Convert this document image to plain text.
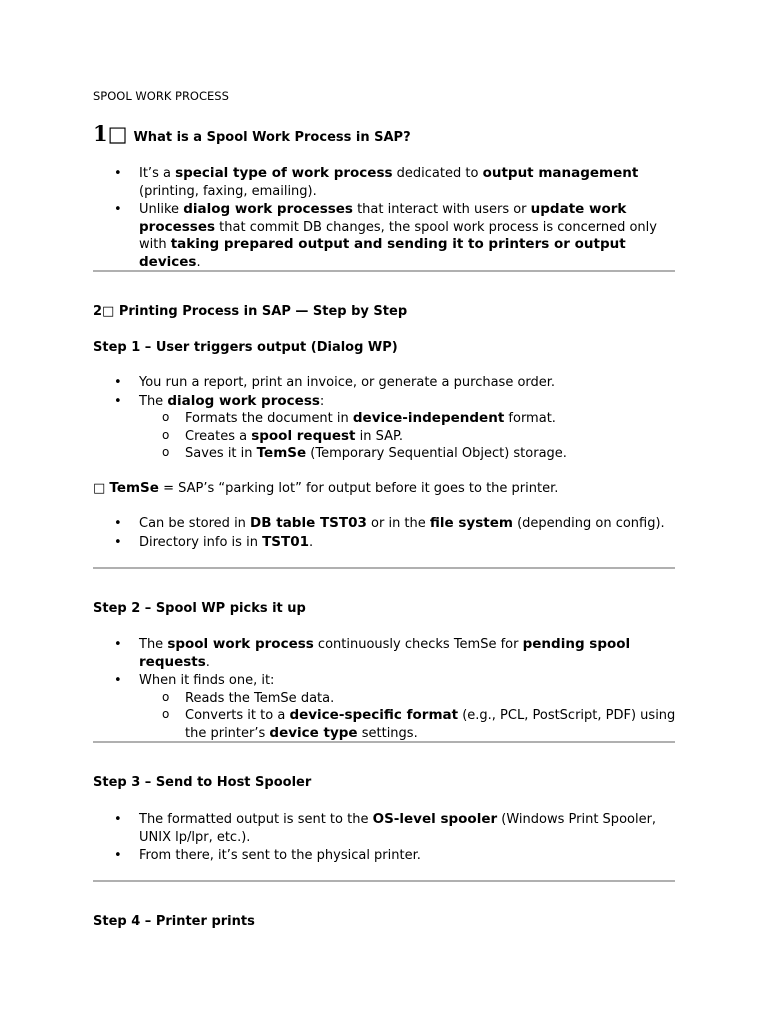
SPOOL WORK PROCESS
1□ What is a Spool Work Process in SAP?
• It’s a special type of work process dedicated to output management (printing, faxing, emailing).
• Unlike dialog work processes that interact with users or update work processes that commit DB changes, the spool work process is concerned only with taking prepared output and sending it to printers or output devices.
2□ Printing Process in SAP — Step by Step
Step 1 – User triggers output (Dialog WP)
• You run a report, print an invoice, or generate a purchase order.
• The dialog work process:
o Formats the document in device-independent format.
o Creates a spool request in SAP.
o Saves it in TemSe (Temporary Sequential Object) storage.
□ TemSe = SAP’s “parking lot” for output before it goes to the printer.
• Can be stored in DB table TST03 or in the file system (depending on config).
• Directory info is in TST01.
Step 2 – Spool WP picks it up
• The spool work process continuously checks TemSe for pending spool requests.
• When it finds one, it:
o Reads the TemSe data.
o Converts it to a device-specific format (e.g., PCL, PostScript, PDF) using the printer’s device type settings.
Step 3 – Send to Host Spooler
• The formatted output is sent to the OS-level spooler (Windows Print Spooler, UNIX lp/lpr, etc.).
• From there, it’s sent to the physical printer.
Step 4 – Printer prints
